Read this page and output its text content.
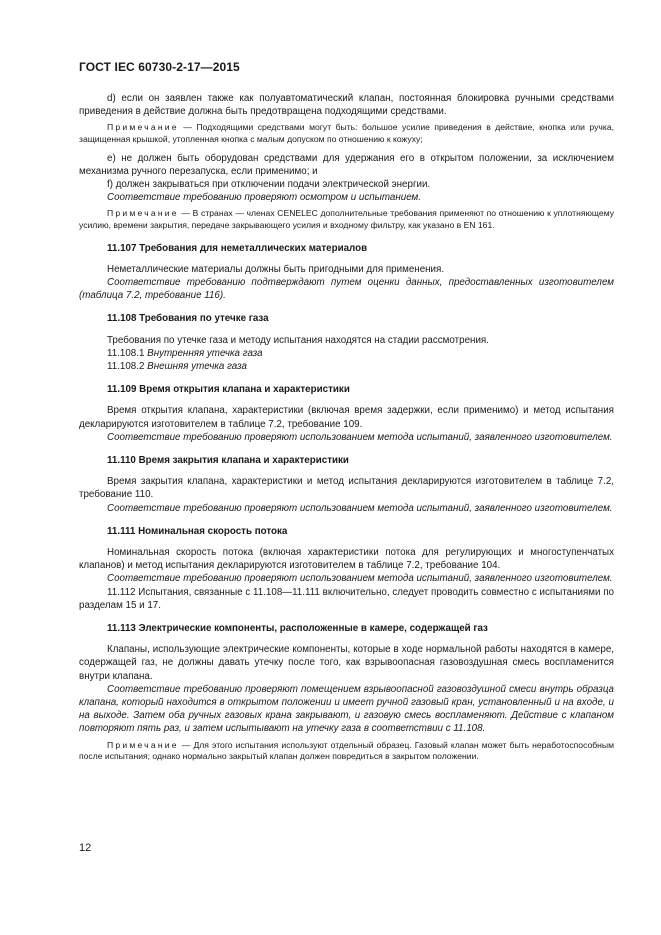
ГОСТ IEC 60730-2-17—2015

d) если он заявлен также как полуавтоматический клапан, постоянная блокировка ручными средствами приведения в действие должна быть предотвращена подходящими средствами.

Примечание — Подходящими средствами могут быть: большое усилие приведения в действие, кнопка или ручка, защищенная крышкой, утопленная кнопка с малым допуском по отношению к кожуху;

e) не должен быть оборудован средствами для удержания его в открытом положении, за исключением механизма ручного перезапуска, если применимо; и

f) должен закрываться при отключении подачи электрической энергии.

Соответствие требованию проверяют осмотром и испытанием.

Примечание — В странах — членах CENELEC дополнительные требования применяют по отношению к уплотняющему усилию, времени закрытия, передаче закрывающего усилия и входному фильтру, как указано в EN 161.

11.107 Требования для неметаллических материалов

Неметаллические материалы должны быть пригодными для применения.

Соответствие требованию подтверждают путем оценки данных, предоставленных изготовителем (таблица 7.2, требование 116).

11.108 Требования по утечке газа

Требования по утечке газа и методу испытания находятся на стадии рассмотрения.

11.108.1 Внутренняя утечка газа

11.108.2 Внешняя утечка газа

11.109 Время открытия клапана и характеристики

Время открытия клапана, характеристики (включая время задержки, если применимо) и метод испытания декларируются изготовителем в таблице 7.2, требование 109.

Соответствие требованию проверяют использованием метода испытаний, заявленного изготовителем.

11.110 Время закрытия клапана и характеристики

Время закрытия клапана, характеристики и метод испытания декларируются изготовителем в таблице 7.2, требование 110.

Соответствие требованию проверяют использованием метода испытаний, заявленного изготовителем.

11.111 Номинальная скорость потока

Номинальная скорость потока (включая характеристики потока для регулирующих и многоступенчатых клапанов) и метод испытания декларируются изготовителем в таблице 7.2, требование 104.

Соответствие требованию проверяют использованием метода испытаний, заявленного изготовителем.

11.112 Испытания, связанные с 11.108—11.111 включительно, следует проводить совместно с испытаниями по разделам 15 и 17.

11.113 Электрические компоненты, расположенные в камере, содержащей газ

Клапаны, использующие электрические компоненты, которые в ходе нормальной работы находятся в камере, содержащей газ, не должны давать утечку после того, как взрывоопасная газовоздушная смесь воспламенится внутри клапана.

Соответствие требованию проверяют помещением взрывоопасной газовоздушной смеси внутрь образца клапана, который находится в открытом положении и имеет ручной газовый кран, установленный и на входе, и на выходе. Затем оба ручных газовых крана закрывают, и газовую смесь воспламеняют. Действие с клапаном повторяют пять раз, и затем испытывают на утечку газа в соответствии с 11.108.

Примечание — Для этого испытания используют отдельный образец. Газовый клапан может быть неработоспособным после испытания; однако нормально закрытый клапан должен повредиться в закрытом положении.

12
